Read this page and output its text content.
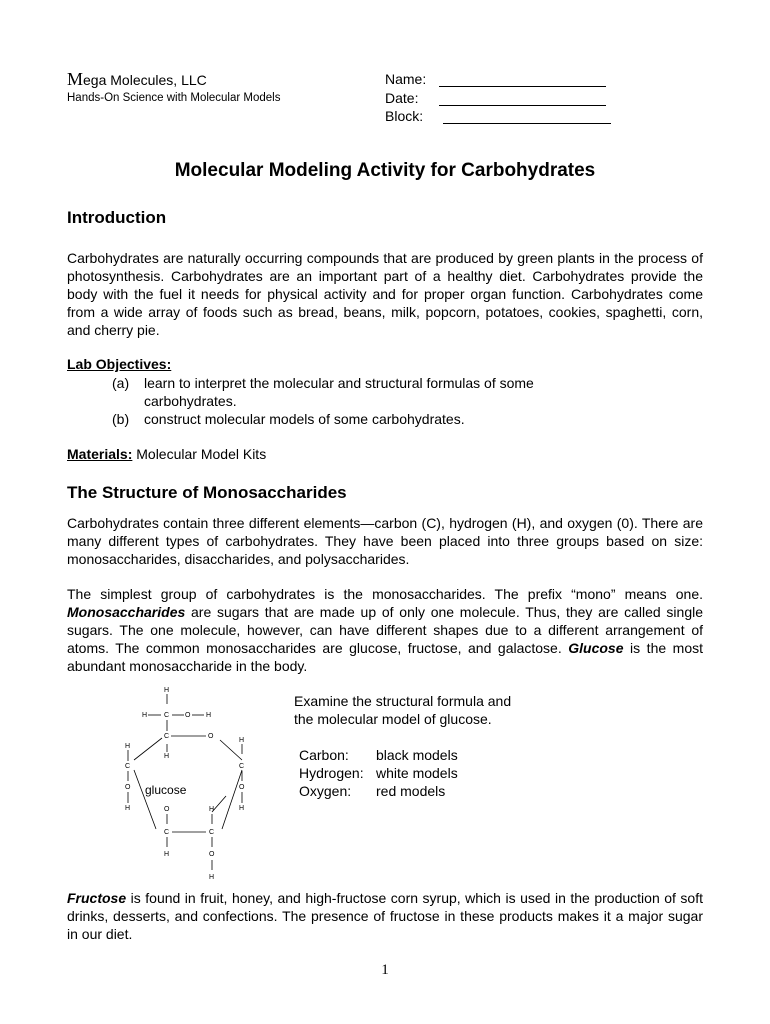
Mega Molecules, LLC
Hands-On Science with Molecular Models
Name:
Date:
Block:
Molecular Modeling Activity for Carbohydrates
Introduction
Carbohydrates are naturally occurring compounds that are produced by green plants in the process of photosynthesis. Carbohydrates are an important part of a healthy diet. Carbohydrates provide the body with the fuel it needs for physical activity and for proper organ function. Carbohydrates come from a wide array of foods such as bread, beans, milk, popcorn, potatoes, cookies, spaghetti, corn, and cherry pie.
Lab Objectives:
(a) learn to interpret the molecular and structural formulas of some
carbohydrates.
(b) construct molecular models of some carbohydrates.
Materials: Molecular Model Kits
The Structure of Monosaccharides
Carbohydrates contain three different elements—carbon (C), hydrogen (H), and oxygen (0). There are many different types of carbohydrates. They have been placed into three groups based on size: monosaccharides, disaccharides, and polysaccharides.
The simplest group of carbohydrates is the monosaccharides. The prefix “mono” means one. Monosaccharides are sugars that are made up of only one molecule. Thus, they are called single sugars. The one molecule, however, can have different shapes due to a different arrangement of atoms. The common monosaccharides are glucose, fructose, and galactose. Glucose is the most abundant monosaccharide in the body.
H
H C O H
C	O
H
H
H
C	C
O	O
H	H
O	H
C	C
H	O
H
glucose
Examine the structural formula and
the molecular model of glucose.
Carbon:	black models
Hydrogen: white models
Oxygen:	red models
Fructose is found in fruit, honey, and high-fructose corn syrup, which is used in the production of soft drinks, desserts, and confections. The presence of fructose in these products makes it a major sugar in our diet.
1
